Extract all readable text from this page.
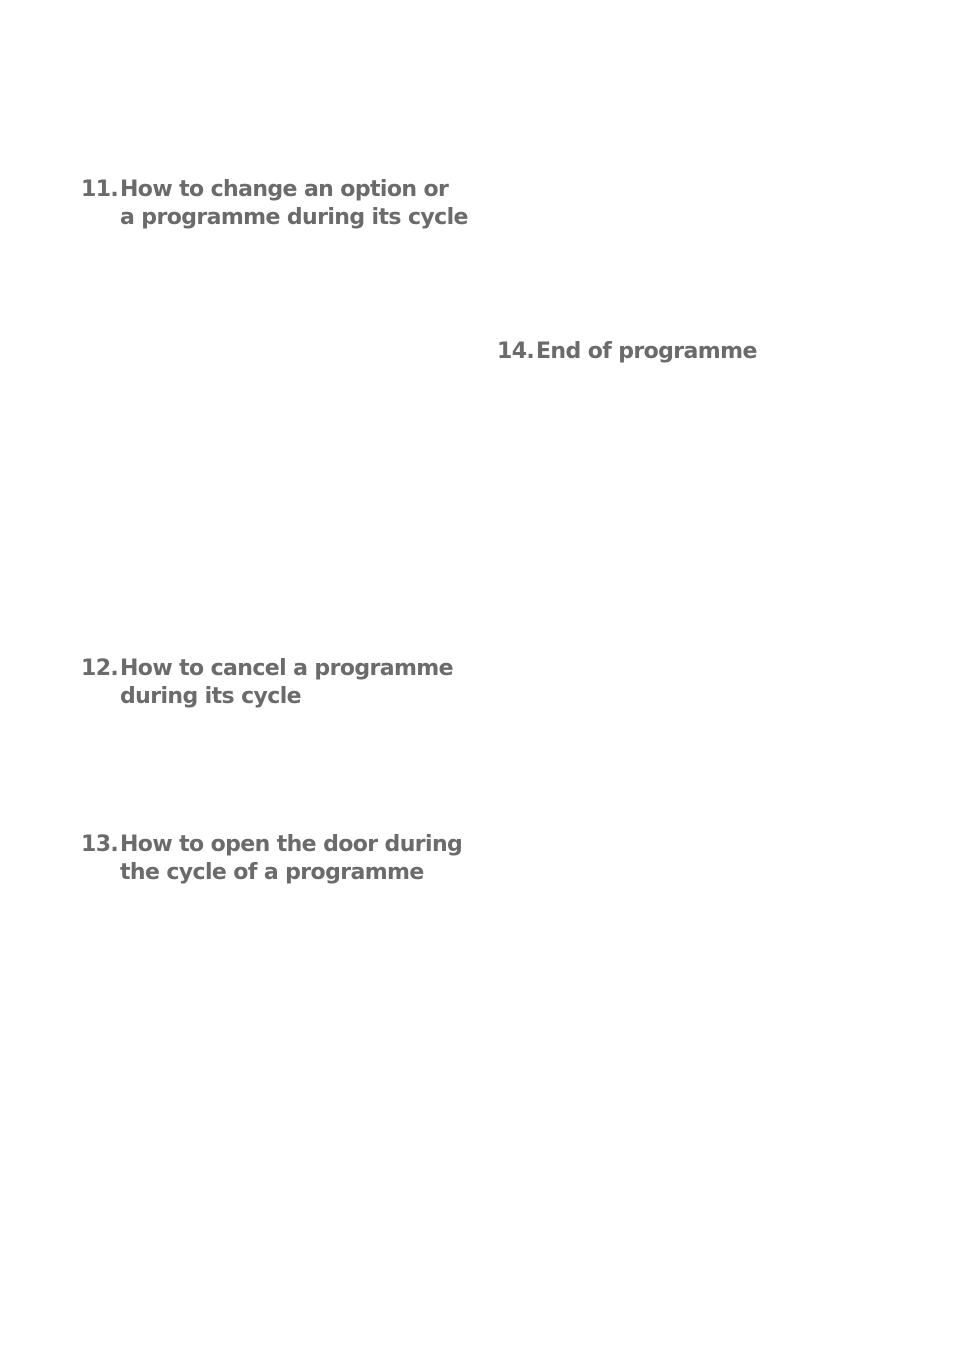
11.How to change an option or
a programme during its cycle
14.End of programme
12.How to cancel a programme
during its cycle
13.How to open the door during
the cycle of a programme
